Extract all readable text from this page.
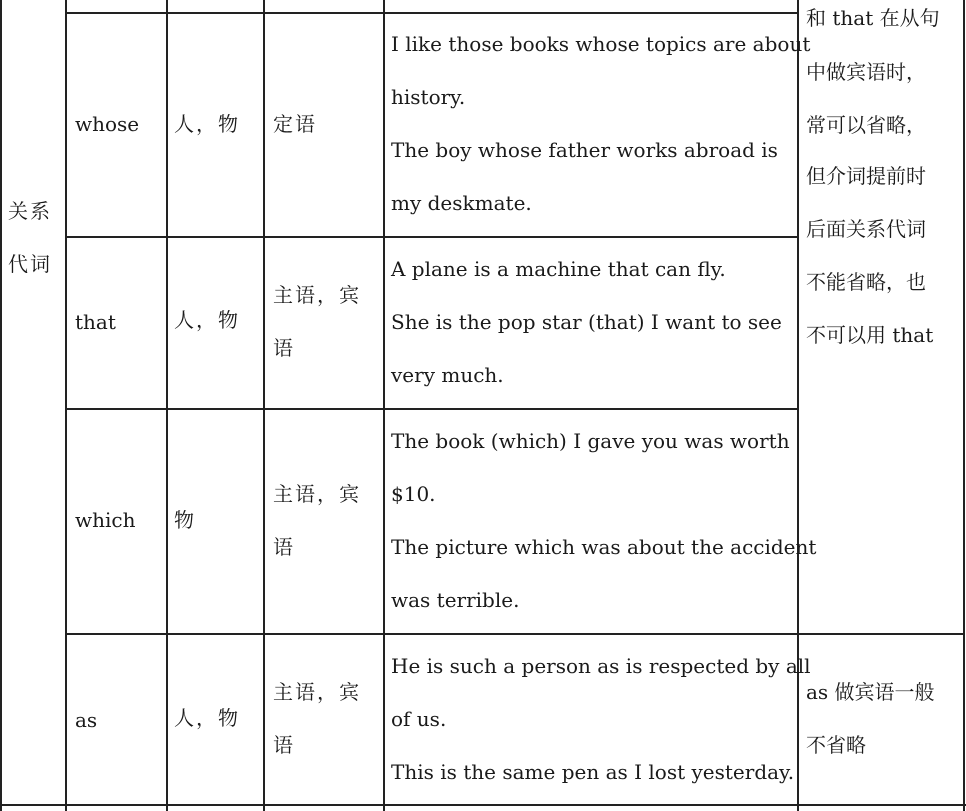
关系
代词
whose 人，物 定语
I like those books whose topics are about
history.
The boy whose father works abroad is
my deskmate.
that	人，物
主语，宾
语
A plane is a machine that can fly.
She is the pop star (that) I want to see
very much.
which 物
主语，宾
语
The book (which) I gave you was worth
$10.
The picture which was about the accident
was terrible.
as	人，物
主语，宾
语
He is such a person as is respected by all
of us.
This is the same pen as I lost yesterday.
和 that 在从句
中做宾语时，
常可以省略，
但介词提前时
后面关系代词
不能省略，也
不可以用 that
as 做宾语一般
不省略
